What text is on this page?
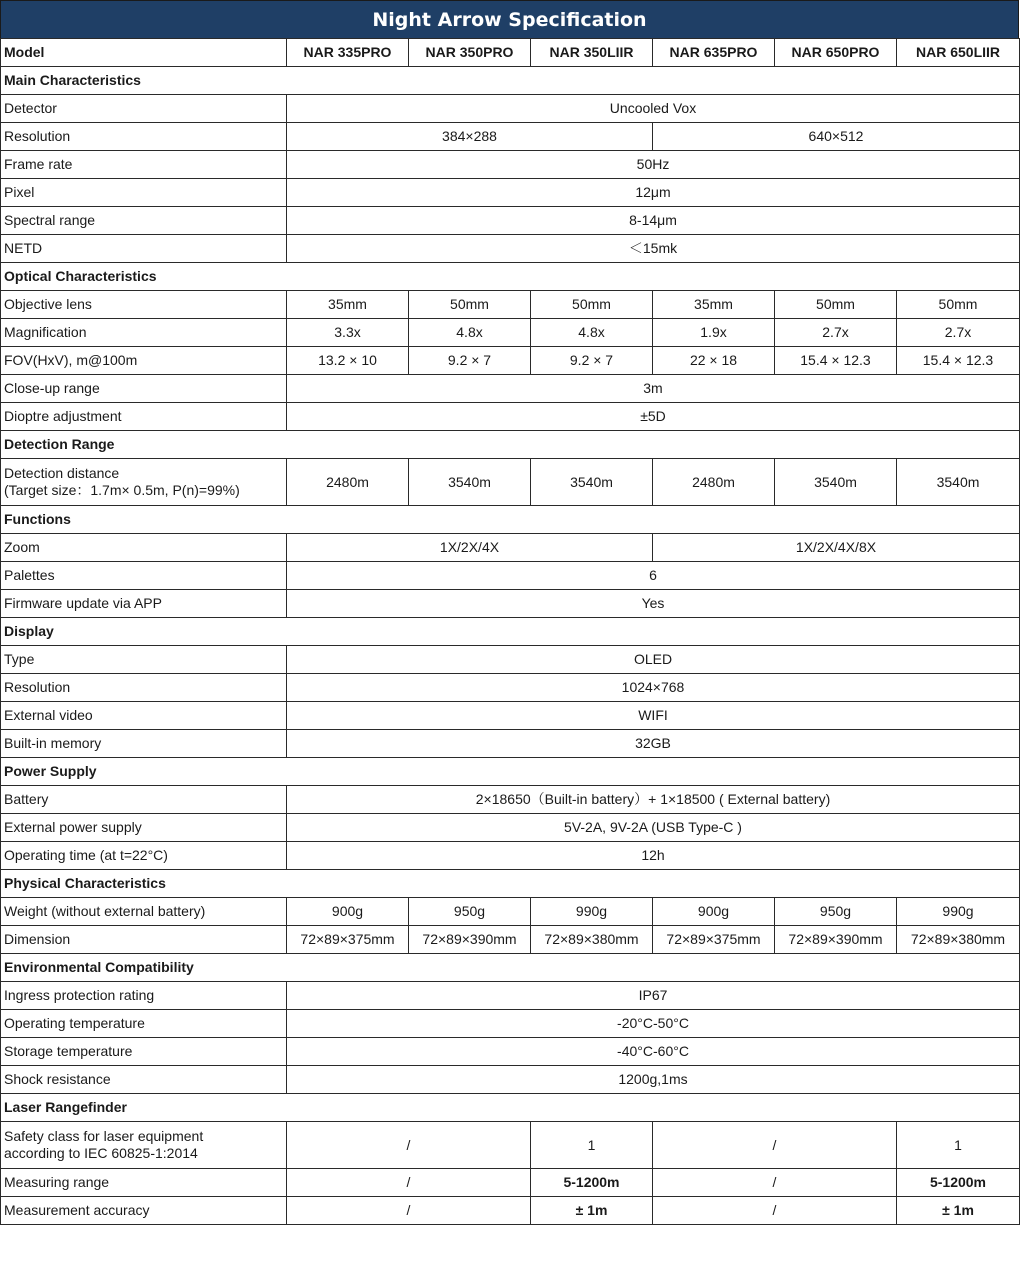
Night Arrow Specification
Model	NAR 335PRO	NAR 350PRO	NAR 350LIIR	NAR 635PRO	NAR 650PRO	NAR 650LIIR
Main Characteristics						
Detector	Uncooled Vox					
Resolution	384×288			640×512		
Frame rate	50Hz					
Pixel	12μm					
Spectral range	8-14μm					
NETD	＜15mk					
Optical Characteristics						
Objective lens	35mm	50mm	50mm	35mm	50mm	50mm
Magnification	3.3x	4.8x	4.8x	1.9x	2.7x	2.7x
FOV(HxV), m@100m	13.2 × 10	9.2 × 7	9.2 × 7	22 × 18	15.4 × 12.3	15.4 × 12.3
Close-up range	3m					
Dioptre adjustment	±5D					
Detection Range						

Detection distance
(Target size：1.7m× 0.5m, P(n)=99%)	2480m	3540m	3540m	2480m	3540m	3540m
Functions						
Zoom	1X/2X/4X			1X/2X/4X/8X		
Palettes	6					
Firmware update via APP	Yes					
Display						
Type	OLED					
Resolution	1024×768					
External video	WIFI					
Built-in memory	32GB					
Power Supply						
Battery	2×18650（Built-in battery）+ 1×18500 ( External battery)					
External power supply	5V-2A, 9V-2A (USB Type-C )					
Operating time (at t=22°C)	12h					
Physical Characteristics						
Weight (without external battery)	900g	950g	990g	900g	950g	990g
Dimension	72×89×375mm	72×89×390mm	72×89×380mm	72×89×375mm	72×89×390mm	72×89×380mm
Environmental Compatibility						
Ingress protection rating	IP67					
Operating temperature	-20°C-50°C					
Storage temperature	-40°C-60°C					
Shock resistance	1200g,1ms					
Laser Rangefinder						

Safety class for laser equipment
according to IEC 60825-1:2014	/		1	/		1
Measuring range	/		5-1200m	/		5-1200m
Measurement accuracy	/		± 1m	/		± 1m
